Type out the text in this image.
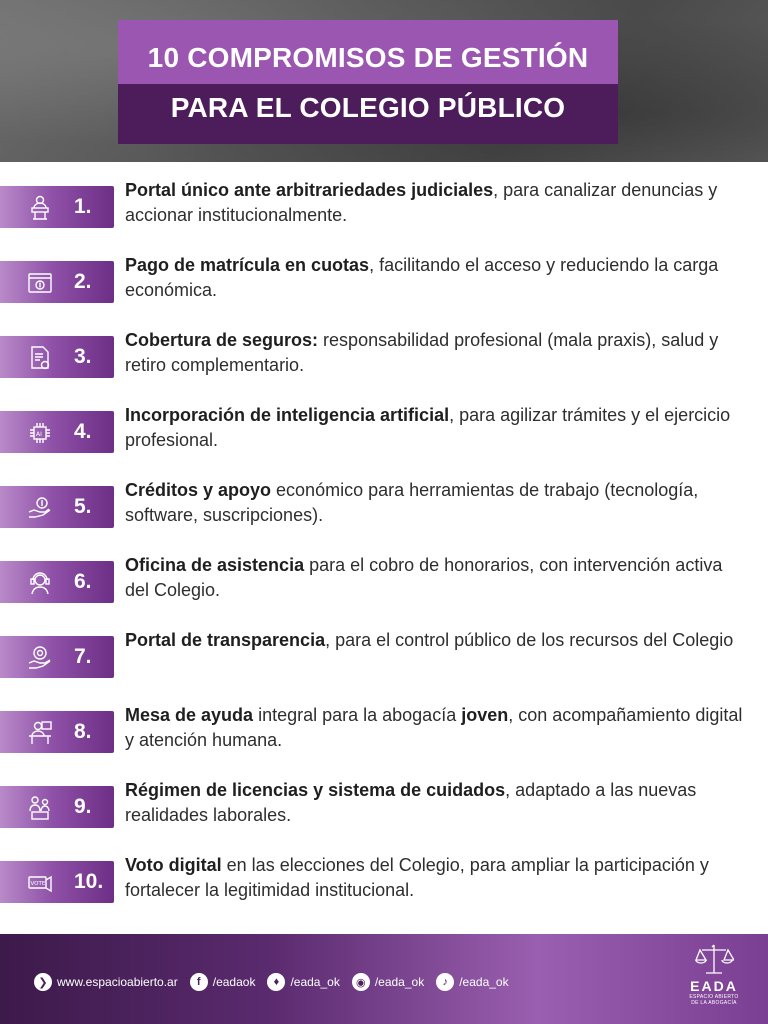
10 COMPROMISOS DE GESTIÓN
PARA EL COLEGIO PÚBLICO
1.
Portal único ante arbitrariedades judiciales, para canalizar denuncias y accionar institucionalmente.
2.
Pago de matrícula en cuotas, facilitando el acceso y reduciendo la carga económica.
3.
Cobertura de seguros: responsabilidad profesional (mala praxis), salud y retiro complementario.
AI 4.
Incorporación de inteligencia artificial, para agilizar trámites y el ejercicio profesional.
5.
Créditos y apoyo económico para herramientas de trabajo (tecnología, software, suscripciones).
6.
Oficina de asistencia para el cobro de honorarios, con intervención activa del Colegio.
7.
Portal de transparencia, para el control público de los recursos del Colegio
8.
Mesa de ayuda integral para la abogacía joven, con acompañamiento digital y atención humana.
9.
Régimen de licencias y sistema de cuidados, adaptado a las nuevas realidades laborales.
VOTE 10.
Voto digital en las elecciones del Colegio, para ampliar la participación y fortalecer la legitimidad institucional.
❯ www.espacioabierto.ar	f	/eadaok	♦ /eada_ok	◉ /eada_ok	♪ /eada_ok	EADA
ESPACIO ABIERTO
DE LA ABOGACÍA
